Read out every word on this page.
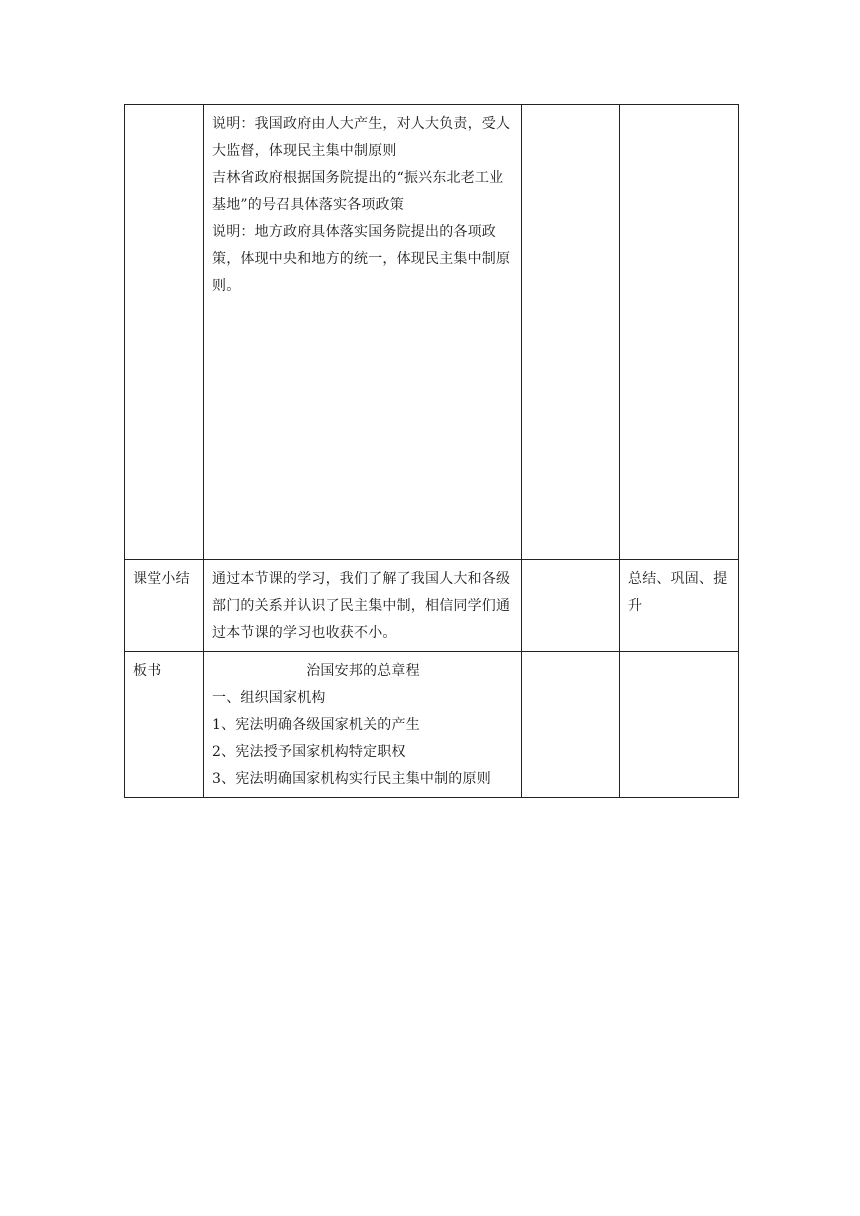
	说明：我国政府由人大产生，对人大负责，受人大监督，体现民主集中制原则
吉林省政府根据国务院提出的“振兴东北老工业基地”的号召具体落实各项政策
说明：地方政府具体落实国务院提出的各项政策，体现中央和地方的统一，体现民主集中制原则。		

课堂小结	通过本节课的学习，我们了解了我国人大和各级部门的关系并认识了民主集中制，相信同学们通过本节课的学习也收获不小。		总结、巩固、提升

板书	治国安邦的总章程
一、组织国家机构
1、宪法明确各级国家机关的产生
2、宪法授予国家机构特定职权
3、宪法明确国家机构实行民主集中制的原则		
